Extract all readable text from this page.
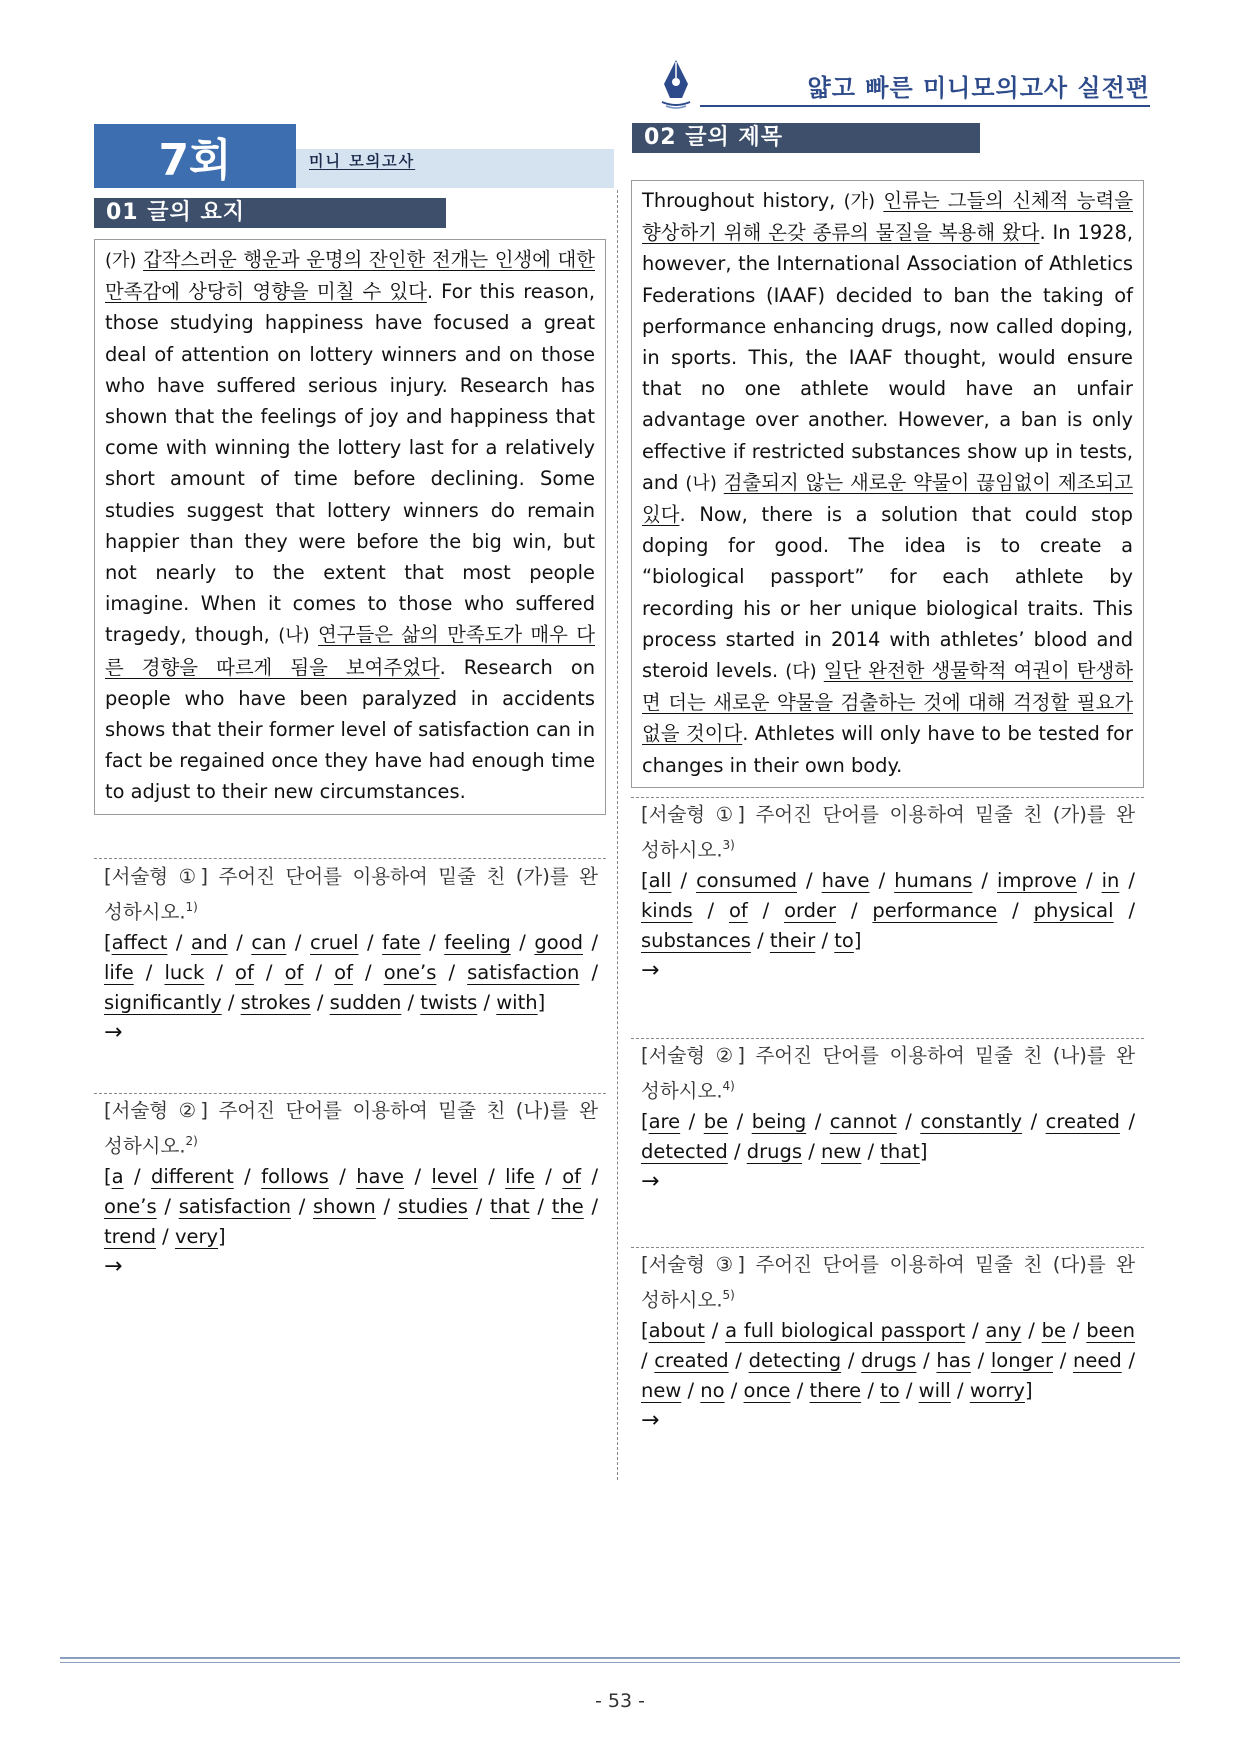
얇고 빠른 미니모의고사 실전편
7회	미니 모의고사
01 글의 요지
(가) 갑작스러운 행운과 운명의 잔인한 전개는 인생에 대한 만족감에 상당히 영향을 미칠 수 있다. For this reason, those studying happiness have focused a great deal of attention on lottery winners and on those who have suffered serious injury. Research has shown that the feelings of joy and happiness that come with winning the lottery last for a relatively short amount of time before declining. Some studies suggest that lottery winners do remain happier than they were before the big win, but not nearly to the extent that most people imagine. When it comes to those who suffered tragedy, though, (나) 연구들은 삶의 만족도가 매우 다른 경향을 따르게 됨을 보여주었다. Research on people who have been paralyzed in accidents shows that their former level of satisfaction can in fact be regained once they have had enough time to adjust to their new circumstances.
[서술형 ①] 주어진 단어를 이용하여 밑줄 친 (가)를 완
성하시오.$^{1)}$
[affect / and / can / cruel / fate / feeling / good / life / luck / of / of / of / one’s / satisfaction / significantly / strokes / sudden / twists / with]
→
[서술형 ②] 주어진 단어를 이용하여 밑줄 친 (나)를 완
성하시오.$^{2)}$
[a / different / follows / have / level / life / of / one’s / satisfaction / shown / studies / that / the / trend / very]
→
02 글의 제목
Throughout history, (가) 인류는 그들의 신체적 능력을 향상하기 위해 온갖 종류의 물질을 복용해 왔다. In 1928, however, the International Association of Athletics Federations (IAAF) decided to ban the taking of performance enhancing drugs, now called doping, in sports. This, the IAAF thought, would ensure that no one athlete would have an unfair advantage over another. However, a ban is only effective if restricted substances show up in tests, and (나) 검출되지 않는 새로운 약물이 끊임없이 제조되고 있다. Now, there is a solution that could stop doping for good. The idea is to create a “biological passport” for each athlete by recording his or her unique biological traits. This process started in 2014 with athletes’ blood and steroid levels. (다) 일단 완전한 생물학적 여권이 탄생하면 더는 새로운 약물을 검출하는 것에 대해 걱정할 필요가 없을 것이다. Athletes will only have to be tested for changes in their own body.
[서술형 ①] 주어진 단어를 이용하여 밑줄 친 (가)를 완
성하시오.$^{3)}$
[all / consumed / have / humans / improve / in / kinds / of / order / performance / physical / substances / their / to]
→
[서술형 ②] 주어진 단어를 이용하여 밑줄 친 (나)를 완
성하시오.$^{4)}$
[are / be / being / cannot / constantly / created / detected / drugs / new / that]
→
[서술형 ③] 주어진 단어를 이용하여 밑줄 친 (다)를 완
성하시오.$^{5)}$
[about / a full biological passport / any / be / been / created / detecting / drugs / has / longer / need / new / no / once / there / to / will / worry]
→
- 53 -
